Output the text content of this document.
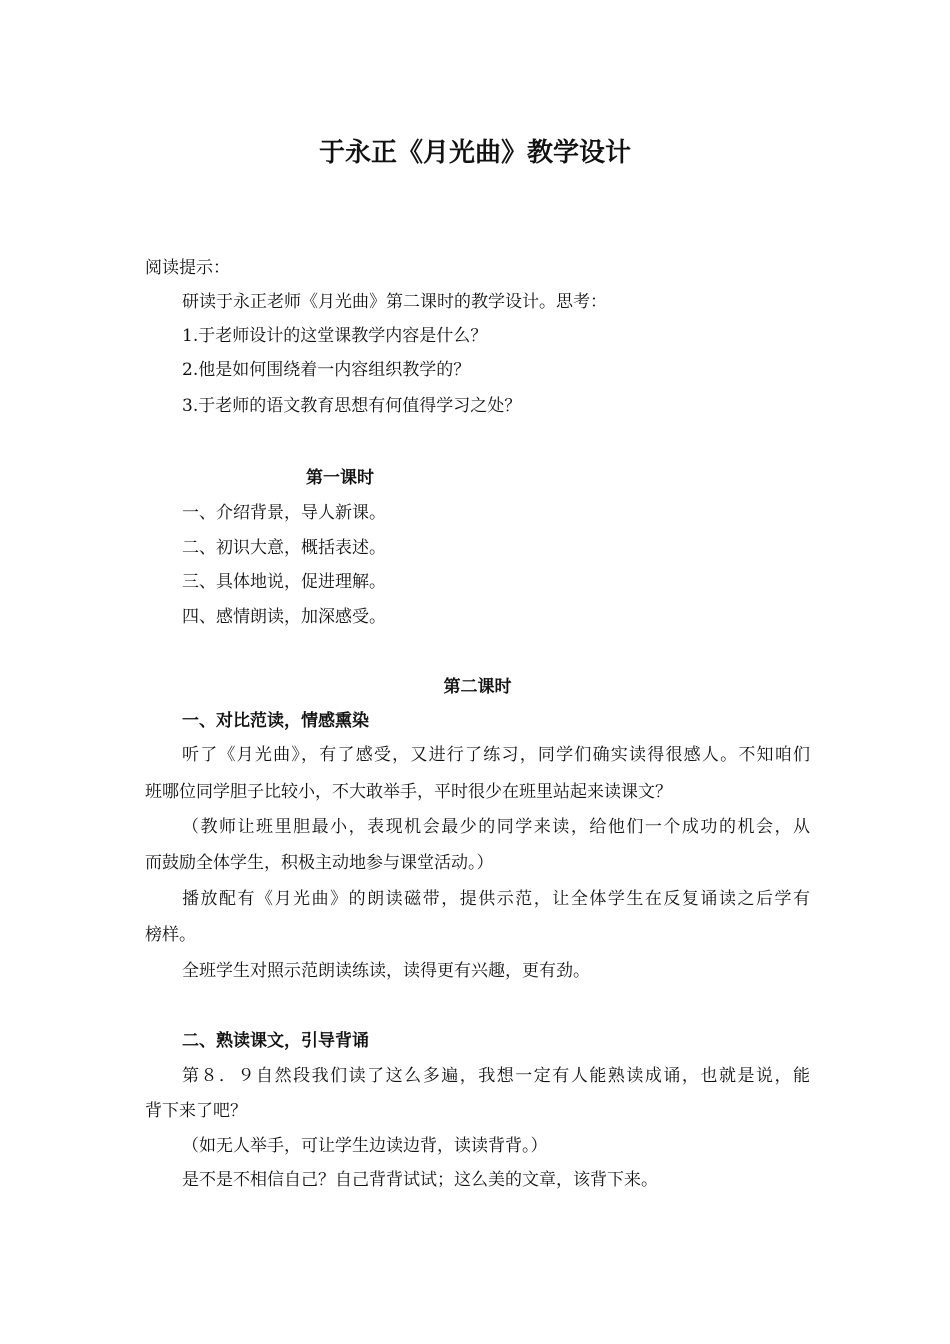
于永正《月光曲》教学设计
阅读提示：
研读于永正老师《月光曲》第二课时的教学设计。思考：
1.于老师设计的这堂课教学内容是什么？
2.他是如何围绕着一内容组织教学的？
3.于老师的语文教育思想有何值得学习之处？
第一课时
一、介绍背景，导人新课。
二、初识大意，概括表述。
三、具体地说，促进理解。
四、感情朗读，加深感受。
第二课时
一、对比范读，情感熏染
听了《月光曲》，有了感受，又进行了练习，同学们确实读得很感人。不知咱们
班哪位同学胆子比较小，不大敢举手，平时很少在班里站起来读课文？
（教师让班里胆最小，表现机会最少的同学来读，给他们一个成功的机会，从
而鼓励全体学生，积极主动地参与课堂活动。）
播放配有《月光曲》的朗读磁带，提供示范，让全体学生在反复诵读之后学有
榜样。
全班学生对照示范朗读练读，读得更有兴趣，更有劲。
二、熟读课文，引导背诵
第８．９自然段我们读了这么多遍，我想一定有人能熟读成诵，也就是说，能
背下来了吧？
（如无人举手，可让学生边读边背，读读背背。）
是不是不相信自己？自己背背试试；这么美的文章，该背下来。
